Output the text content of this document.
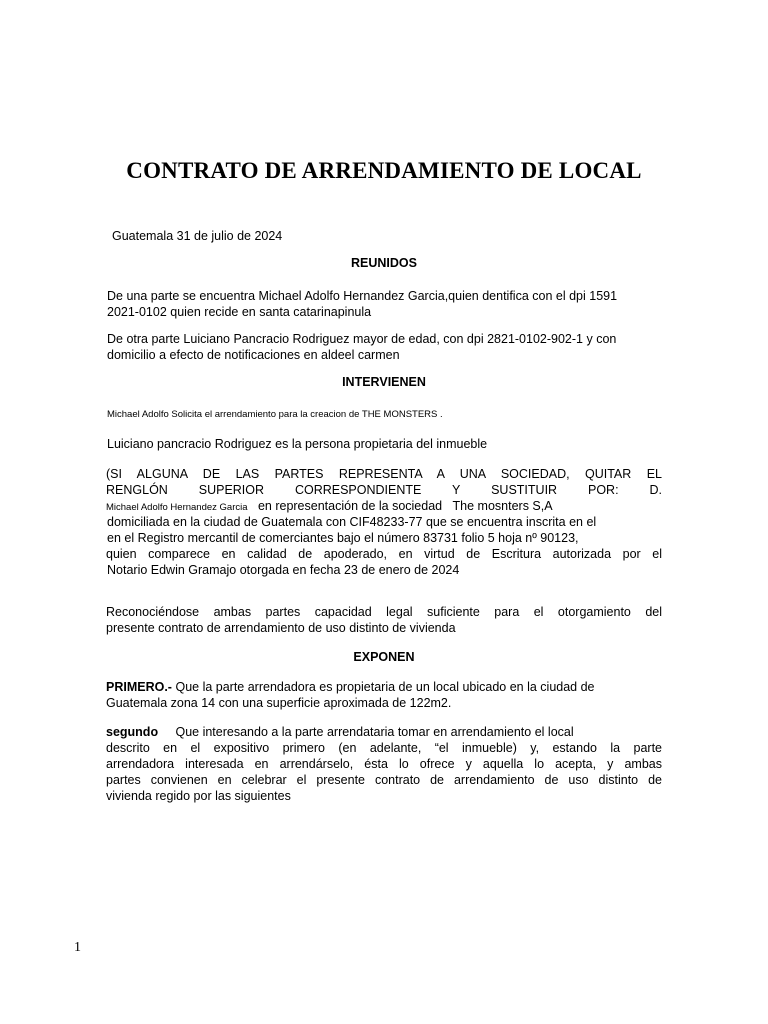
CONTRATO DE ARRENDAMIENTO DE LOCAL
Guatemala 31 de julio de 2024
REUNIDOS
De una parte se encuentra Michael Adolfo Hernandez Garcia,quien dentifica con el dpi 1591
2021-0102 quien recide en santa catarinapinula
De otra parte Luiciano Pancracio Rodriguez mayor de edad, con dpi 2821-0102-902-1 y con
domicilio a efecto de notificaciones en aldeel carmen
INTERVIENEN
Michael Adolfo Solicita el arrendamiento para la creacion de THE MONSTERS .
Luiciano pancracio Rodriguez es la persona propietaria del inmueble
(SI ALGUNA DE LAS PARTES REPRESENTA A UNA SOCIEDAD, QUITAR EL
RENGLÓN SUPERIOR CORRESPONDIENTE Y SUSTITUIR POR: D.
Michael Adolfo Hernandez Garcia en representación de la sociedad The mosnters S,A
domiciliada en la ciudad de Guatemala con CIF48233-77 que se encuentra inscrita en el
en el Registro mercantil de comerciantes bajo el número 83731 folio 5 hoja nº 90123,
quien comparece en calidad de apoderado, en virtud de Escritura autorizada por el
Notario Edwin Gramajo otorgada en fecha 23 de enero de 2024
Reconociéndose ambas partes capacidad legal suficiente para el otorgamiento del
presente contrato de arrendamiento de uso distinto de vivienda
EXPONEN
PRIMERO.- Que la parte arrendadora es propietaria de un local ubicado en la ciudad de
Guatemala zona 14 con una superficie aproximada de 122m2.
segundo Que interesando a la parte arrendataria tomar en arrendamiento el local
descrito en el expositivo primero (en adelante, “el inmueble) y, estando la parte
arrendadora interesada en arrendárselo, ésta lo ofrece y aquella lo acepta, y ambas
partes convienen en celebrar el presente contrato de arrendamiento de uso distinto de
vivienda regido por las siguientes
1
